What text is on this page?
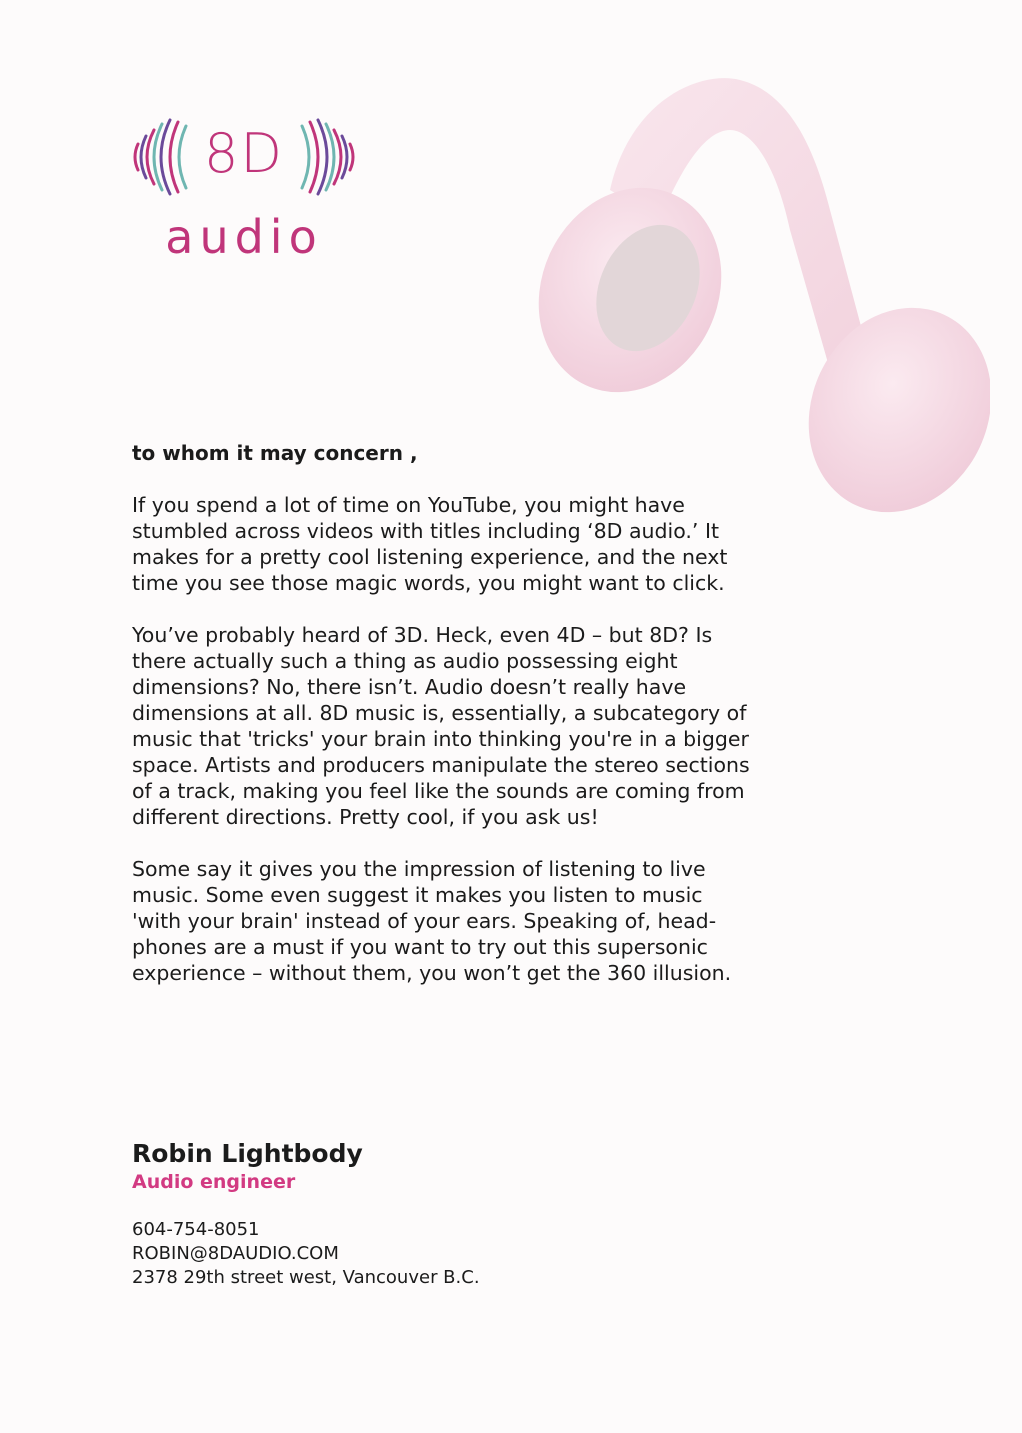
8D
audio

to whom it may concern ,

If you spend a lot of time on YouTube, you might have stumbled across videos with titles including ‘8D audio.’ It makes for a pretty cool listening experience, and the next time you see those magic words, you might want to click.

You’ve probably heard of 3D. Heck, even 4D – but 8D? Is there actually such a thing as audio possessing eight dimensions? No, there isn’t. Audio doesn’t really have dimensions at all. 8D music is, essentially, a subcategory of music that 'tricks' your brain into thinking you're in a bigger space. Artists and producers manipulate the stereo sections of a track, making you feel like the sounds are coming from different directions. Pretty cool, if you ask us!

Some say it gives you the impression of listening to live music. Some even suggest it makes you listen to music 'with your brain' instead of your ears. Speaking of, headphones are a must if you want to try out this supersonic experience – without them, you won’t get the 360 illusion.

Robin Lightbody

Audio engineer

604-754-8051

ROBIN@8DAUDIO.COM

2378 29th street west, Vancouver B.C.
